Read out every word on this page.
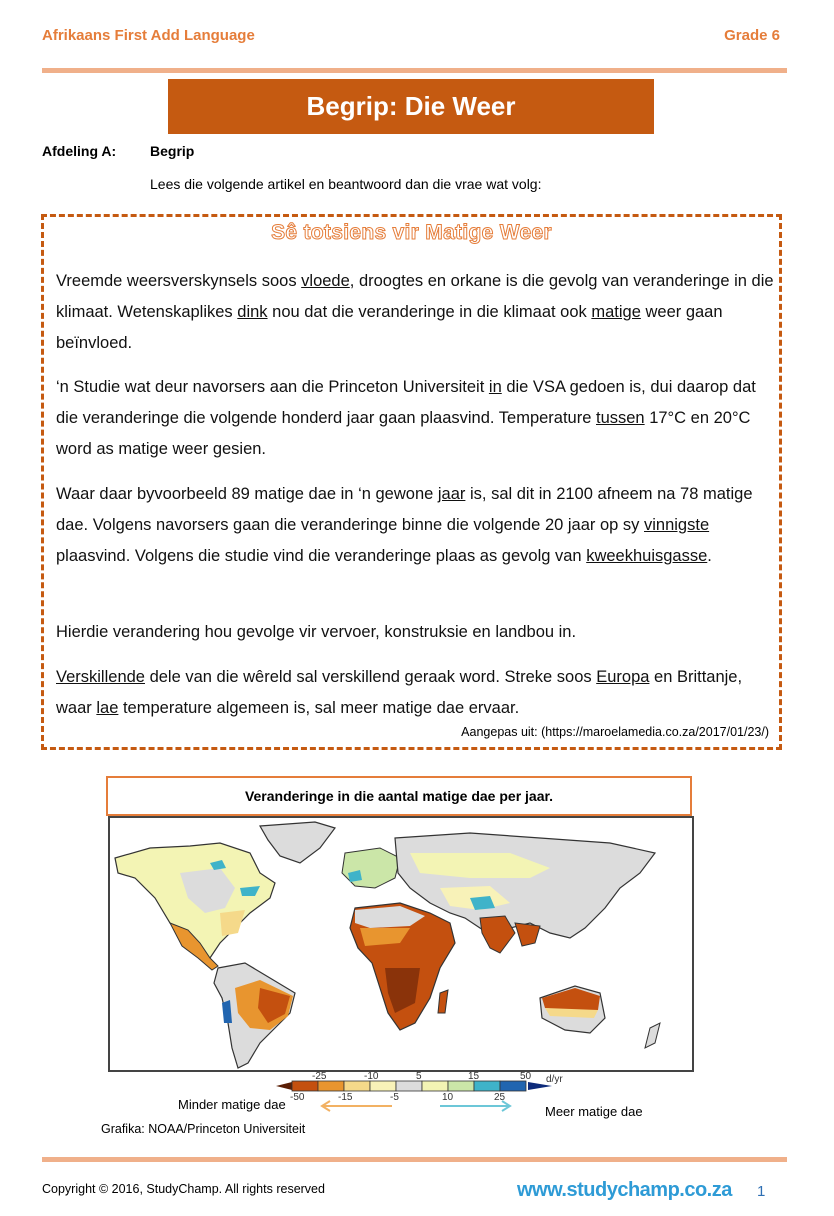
Afrikaans First Add Language	Grade 6
Begrip: Die Weer
Afdeling A: Begrip
Lees die volgende artikel en beantwoord dan die vrae wat volg:
Sê totsiens vir Matige Weer
Vreemde weersverskynsels soos vloede, droogtes en orkane is die gevolg van veranderinge in die klimaat. Wetenskaplikes dink nou dat die veranderinge in die klimaat ook matige weer gaan beïnvloed.
‘n Studie wat deur navorsers aan die Princeton Universiteit in die VSA gedoen is, dui daarop dat die veranderinge die volgende honderd jaar gaan plaasvind. Temperature tussen 17°C en 20°C word as matige weer gesien.
Waar daar byvoorbeeld 89 matige dae in ‘n gewone jaar is, sal dit in 2100 afneem na 78 matige dae. Volgens navorsers gaan die veranderinge binne die volgende 20 jaar op sy vinnigste plaasvind. Volgens die studie vind die veranderinge plaas as gevolg van kweekhuisgasse.
Hierdie verandering hou gevolge vir vervoer, konstruksie en landbou in.
Verskillende dele van die wêreld sal verskillend geraak word. Streke soos Europa en Brittanje, waar lae temperature algemeen is, sal meer matige dae ervaar.
Aangepas uit: (https://maroelamedia.co.za/2017/01/23/)
Veranderinge in die aantal matige dae per jaar.
-25	-10	5	15	50
-50	-15	-5	10	25
d/yr
Minder matige dae	Meer matige dae
Grafika: NOAA/Princeton Universiteit
Copyright © 2016, StudyChamp. All rights reserved	www.studychamp.co.za 1
